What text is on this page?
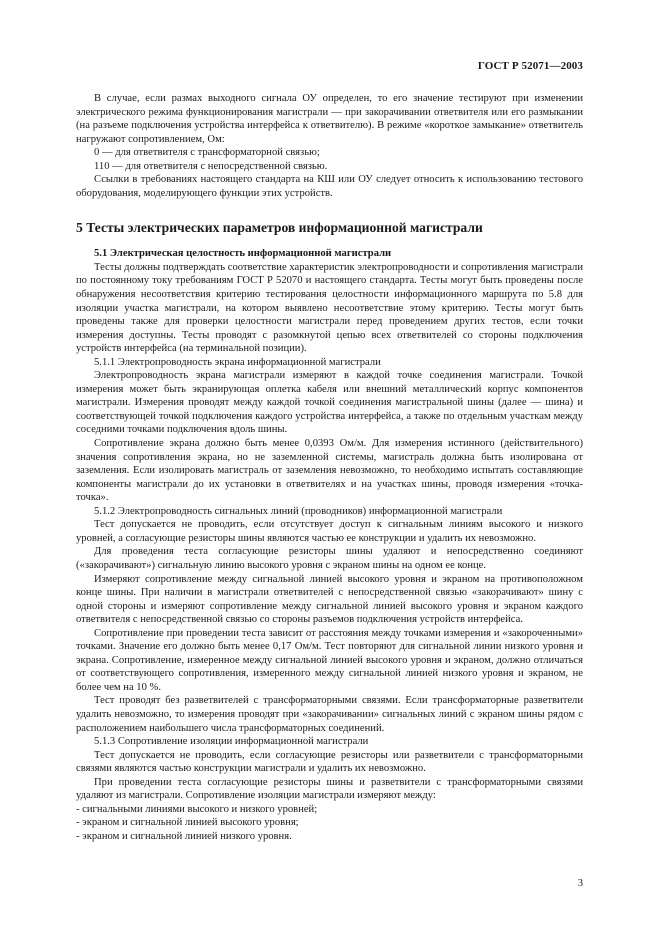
ГОСТ Р 52071—2003

В случае, если размах выходного сигнала ОУ определен, то его значение тестируют при изменении электрического режима функционирования магистрали — при закорачивании ответвителя или его размыкании (на разъеме подключения устройства интерфейса к ответвителю). В режиме «короткое замыкание» ответвитель нагружают сопротивлением, Ом:

0 — для ответвителя с трансформаторной связью;

110 — для ответвителя с непосредственной связью.

Ссылки в требованиях настоящего стандарта на КШ или ОУ следует относить к использованию тестового оборудования, моделирующего функции этих устройств.

5 Тесты электрических параметров информационной магистрали

5.1 Электрическая целостность информационной магистрали

Тесты должны подтверждать соответствие характеристик электропроводности и сопротивления магистрали по постоянному току требованиям ГОСТ Р 52070 и настоящего стандарта. Тесты могут быть проведены после обнаружения несоответствия критерию тестирования целостности информационного маршрута по 5.8 для изоляции участка магистрали, на котором выявлено несоответствие этому критерию. Тесты могут быть проведены также для проверки целостности магистрали перед проведением других тестов, если точки измерения доступны. Тесты проводят с разомкнутой цепью всех ответвителей со стороны подключения устройств интерфейса (на терминальной позиции).

5.1.1 Электропроводность экрана информационной магистрали

Электропроводность экрана магистрали измеряют в каждой точке соединения магистрали. Точкой измерения может быть экранирующая оплетка кабеля или внешний металлический корпус компонентов магистрали. Измерения проводят между каждой точкой соединения магистральной шины (далее — шина) и соответствующей точкой подключения каждого устройства интерфейса, а также по отдельным участкам между соседними точками подключения вдоль шины.

Сопротивление экрана должно быть менее 0,0393 Ом/м. Для измерения истинного (действительного) значения сопротивления экрана, но не заземленной системы, магистраль должна быть изолирована от заземления. Если изолировать магистраль от заземления невозможно, то необходимо испытать составляющие компоненты магистрали до их установки в ответвителях и на участках шины, проводя измерения «точка-точка».

5.1.2 Электропроводность сигнальных линий (проводников) информационной магистрали

Тест допускается не проводить, если отсутствует доступ к сигнальным линиям высокого и низкого уровней, а согласующие резисторы шины являются частью ее конструкции и удалить их невозможно.

Для проведения теста согласующие резисторы шины удаляют и непосредственно соединяют («закорачивают») сигнальную линию высокого уровня с экраном шины на одном ее конце.

Измеряют сопротивление между сигнальной линией высокого уровня и экраном на противоположном конце шины. При наличии в магистрали ответвителей с непосредственной связью «закорачивают» шину с одной стороны и измеряют сопротивление между сигнальной линией высокого уровня и экраном каждого ответвителя с непосредственной связью со стороны разъемов подключения устройств интерфейса.

Сопротивление при проведении теста зависит от расстояния между точками измерения и «закороченными» точками. Значение его должно быть менее 0,17 Ом/м. Тест повторяют для сигнальной линии низкого уровня и экрана. Сопротивление, измеренное между сигнальной линией высокого уровня и экраном, должно отличаться от соответствующего сопротивления, измеренного между сигнальной линией низкого уровня и экраном, не более чем на 10 %.

Тест проводят без разветвителей с трансформаторными связями. Если трансформаторные разветвители удалить невозможно, то измерения проводят при «закорачивании» сигнальных линий с экраном шины рядом с расположением наибольшего числа трансформаторных соединений.

5.1.3 Сопротивление изоляции информационной магистрали

Тест допускается не проводить, если согласующие резисторы или разветвители с трансформаторными связями являются частью конструкции магистрали и удалить их невозможно.

При проведении теста согласующие резисторы шины и разветвители с трансформаторными связями удаляют из магистрали. Сопротивление изоляции магистрали измеряют между:

- сигнальными линиями высокого и низкого уровней;

- экраном и сигнальной линией высокого уровня;

- экраном и сигнальной линией низкого уровня.

3
